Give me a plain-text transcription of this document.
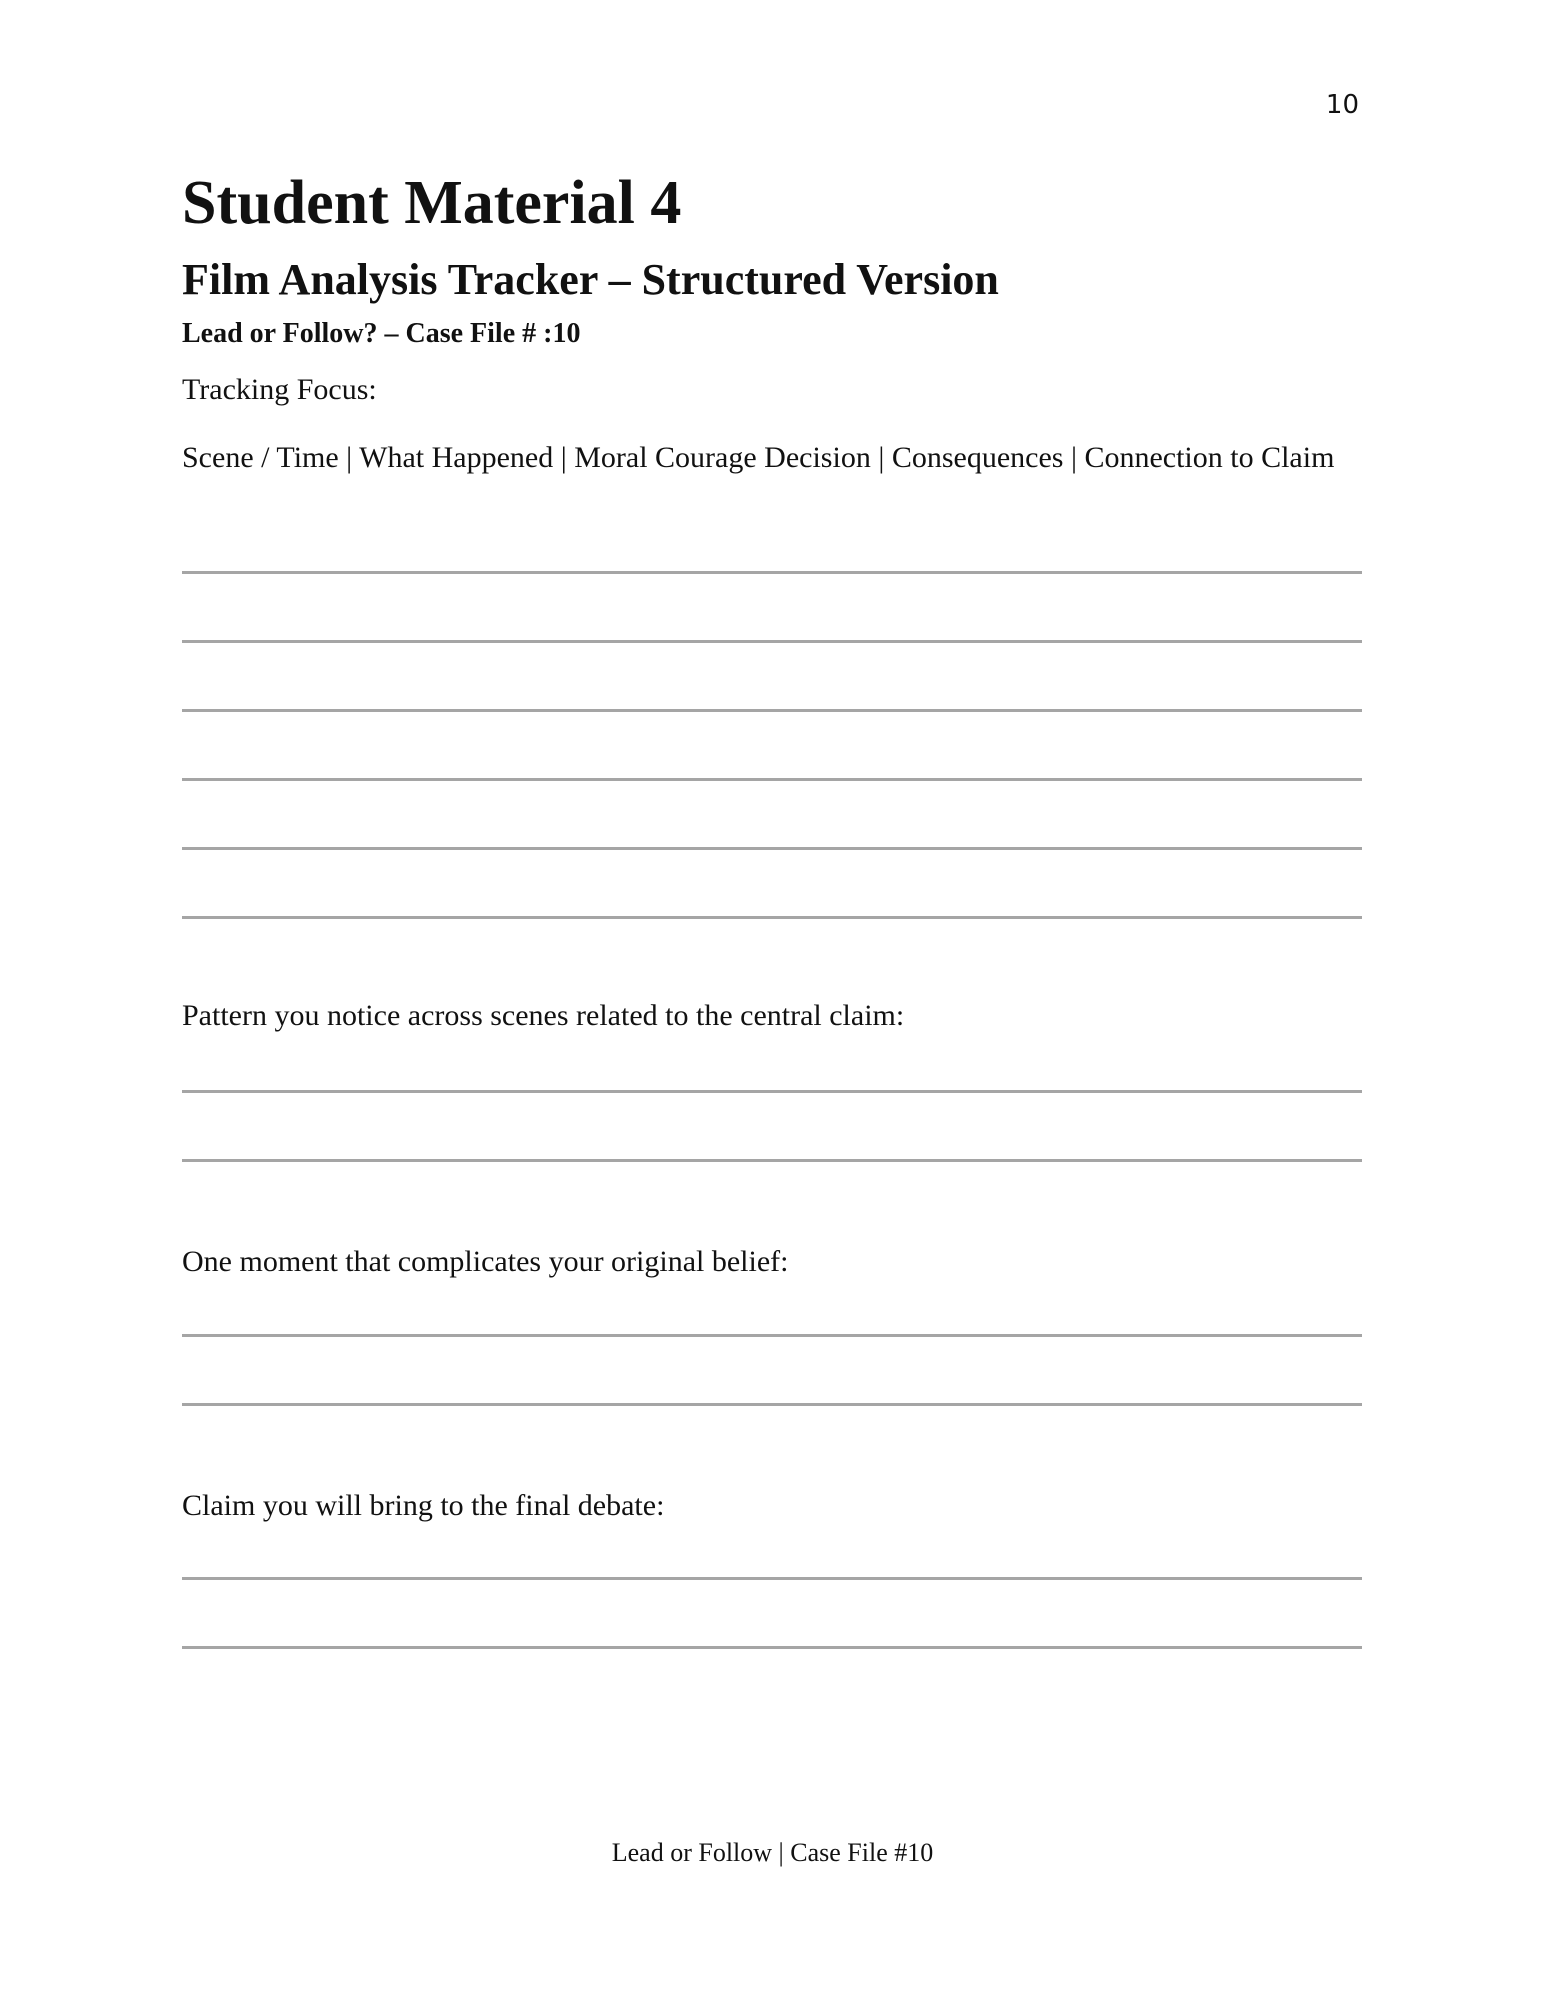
10
Student Material 4
Film Analysis Tracker – Structured Version
Lead or Follow? – Case File # :10
Tracking Focus:
Scene / Time | What Happened | Moral Courage Decision | Consequences | Connection to Claim
Pattern you notice across scenes related to the central claim:
One moment that complicates your original belief:
Claim you will bring to the final debate:
Lead or Follow | Case File #10
